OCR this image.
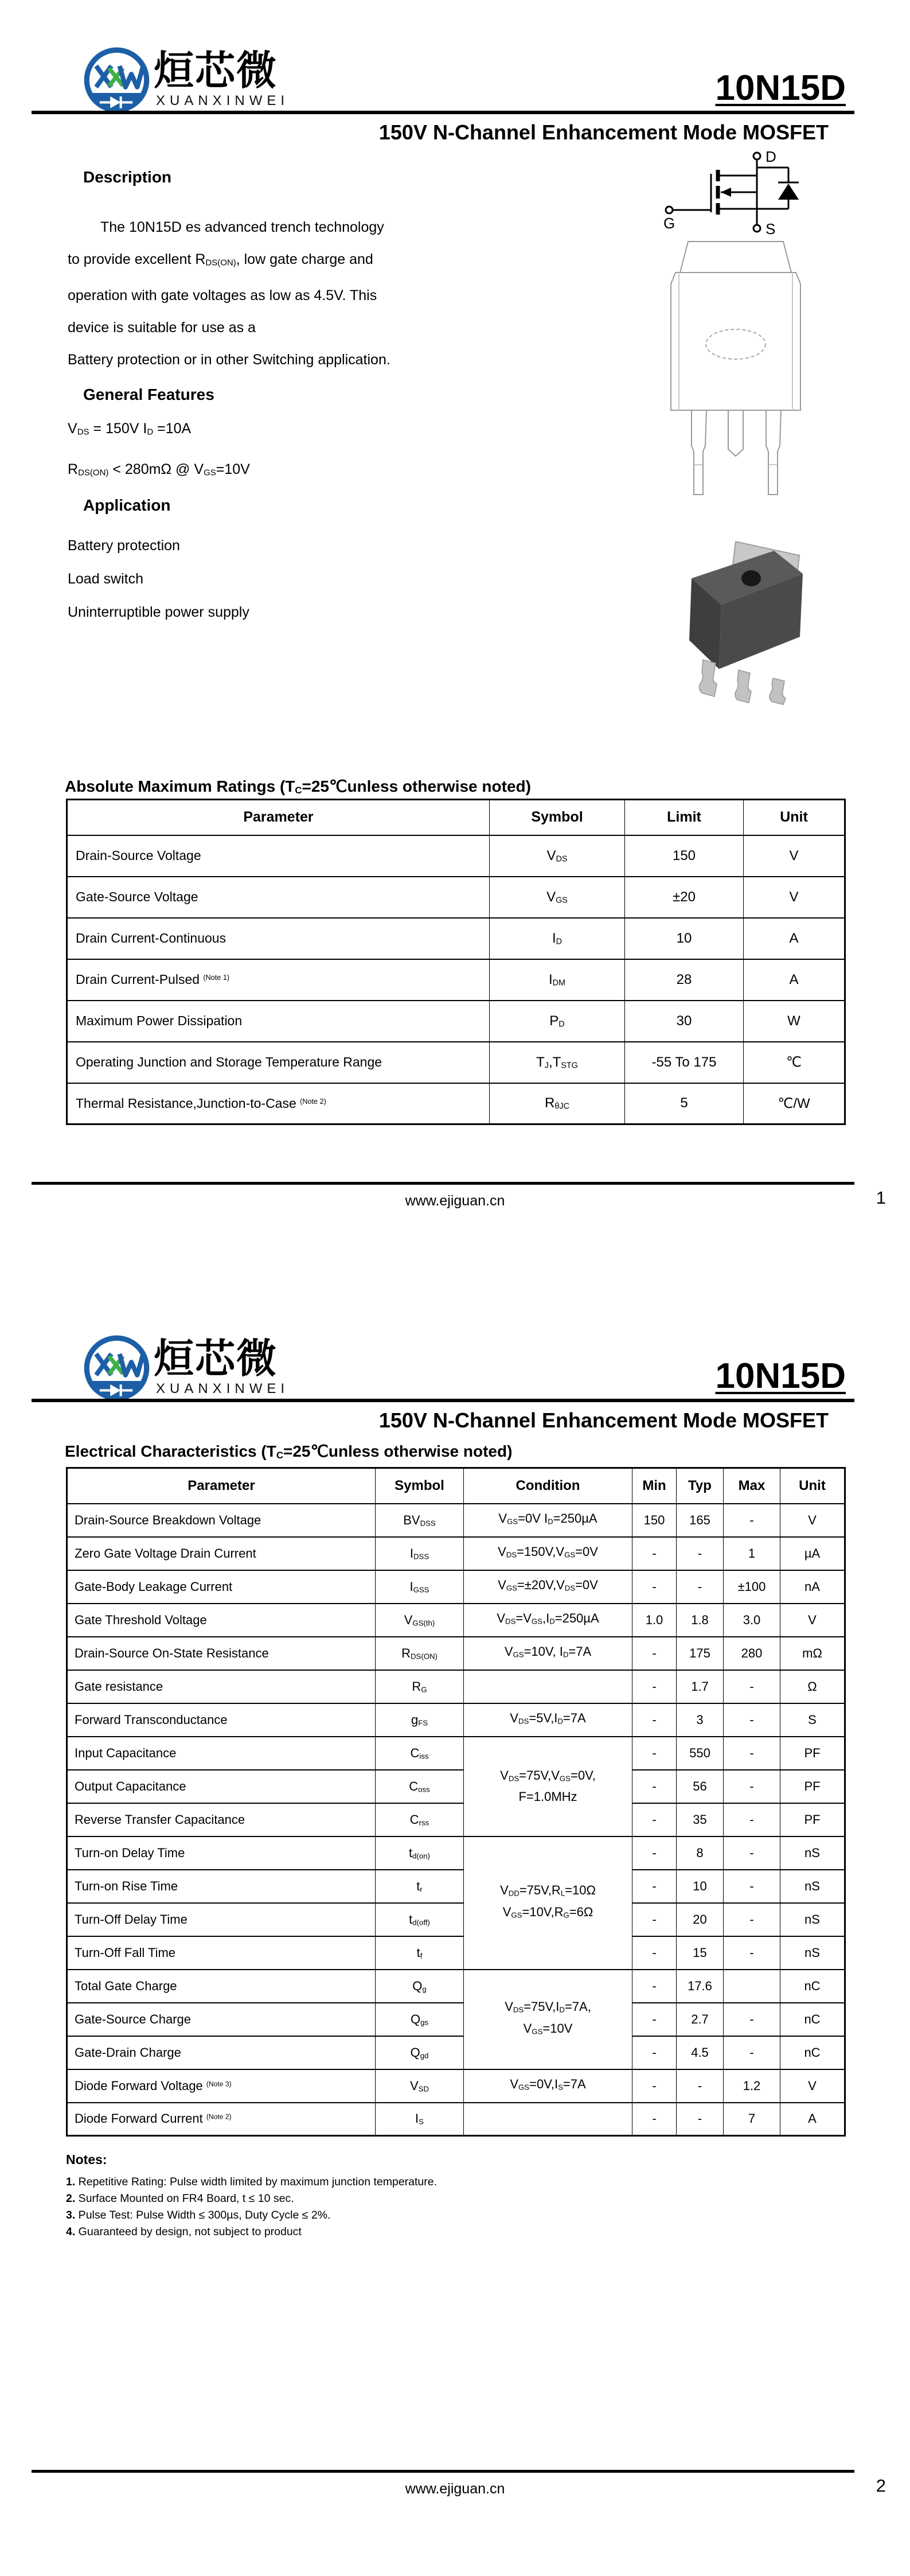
烜芯微
XUANXINWEI	10N15D
150V N-Channel Enhancement Mode MOSFET
Description
The 10N15D es advanced trench technology
to provide excellent $R_{DS(ON)}$, low gate charge and
operation with gate voltages as low as 4.5V. This
device is suitable for use as a
Battery protection or in other Switching application.
General Features
$V_{DS} = 150V$ $I_D =10A$
$R_{DS(ON)} < 280m\Omega$ @ $V_{GS}=10V$
Application
Battery protection
Load switch
Uninterruptible power supply
D
S
G
Absolute Maximum Ratings ($T_C=25℃unless$ otherwise noted)
Parameter	Symbol	Limit	Unit
Drain-Source Voltage	$V_{DS}$	150	V
Gate-Source Voltage	$V_{GS}$	±20	V
Drain Current-Continuous	$I_D$	10	A
Drain Current-Pulsed $^{(Note 1)}$	$I_{DM}$	28	A
Maximum Power Dissipation	$P_D$	30	W
Operating Junction and Storage Temperature Range	$T_J,T_{STG}$	-55 To 175	℃
Thermal Resistance,Junction-to-Case $^{(Note 2)}$	$R_{\theta JC}$	5	℃/W
www.ejiguan.cn	1
烜芯微
XUANXINWEI	10N15D
150V N-Channel Enhancement Mode MOSFET
Electrical Characteristics ($T_C=25℃unless$ otherwise noted)
Parameter	Symbol	Condition	Min	Typ	Max	Unit
Drain-Source Breakdown Voltage	$BV_{DSS}$	$V_{GS}=0V$ $I_D=250\mu A$	150	165	-	V
Zero Gate Voltage Drain Current	$I_{DSS}$	$V_{DS}=150V,V_{GS}=0V$	-	-	1	µA
Gate-Body Leakage Current	$I_{GSS}$	$V_{GS}=\pm 20V,V_{DS}=0V$	-	-	±100	nA
Gate Threshold Voltage	$V_{GS(th)}$	$V_{DS}=V_{GS},I_D=250\mu A$	1.0	1.8	3.0	V
Drain-Source On-State Resistance	$R_{DS(ON)}$	$V_{GS}=10V$, $I_D=7A$	-	175	280	mΩ
Gate resistance	$R_G$		-	1.7	-	Ω
Forward Transconductance	$g_{FS}$	$V_{DS}=5V,I_D=7A$	-	3	-	S
Input Capacitance	$C_{iss}$	$V_{DS}=75V,V_{GS}=0V$,
F=1.0MHz	-	550	-	PF
Output Capacitance	$C_{oss}$		-	56	-	PF
Reverse Transfer Capacitance	$C_{rss}$		-	35	-	PF
Turn-on Delay Time	$t_{d(on)}$	$V_{DD}=75V,R_L=10\Omega$
$V_{GS}=10V,R_G=6\Omega$	-	8	-	nS
Turn-on Rise Time	$t_r$		-	10	-	nS
Turn-Off Delay Time	$t_{d(off)}$		-	20	-	nS
Turn-Off Fall Time	$t_f$		-	15	-	nS
Total Gate Charge	$Q_g$	$V_{DS}=75V,I_D=7A$,
$V_{GS}=10V$	-	17.6		nC
Gate-Source Charge	$Q_{gs}$		-	2.7	-	nC
Gate-Drain Charge	$Q_{gd}$		-	4.5	-	nC
Diode Forward Voltage $^{(Note 3)}$	$V_{SD}$	$V_{GS}=0V,I_S=7A$	-	-	1.2	V
Diode Forward Current $^{(Note 2)}$	$I_S$		-	-	7	A
Notes:
1. Repetitive Rating: Pulse width limited by maximum junction temperature.
2. Surface Mounted on FR4 Board, t ≤ 10 sec.
3. Pulse Test: Pulse Width ≤ 300µs, Duty Cycle ≤ 2%.
4. Guaranteed by design, not subject to product
www.ejiguan.cn	2
